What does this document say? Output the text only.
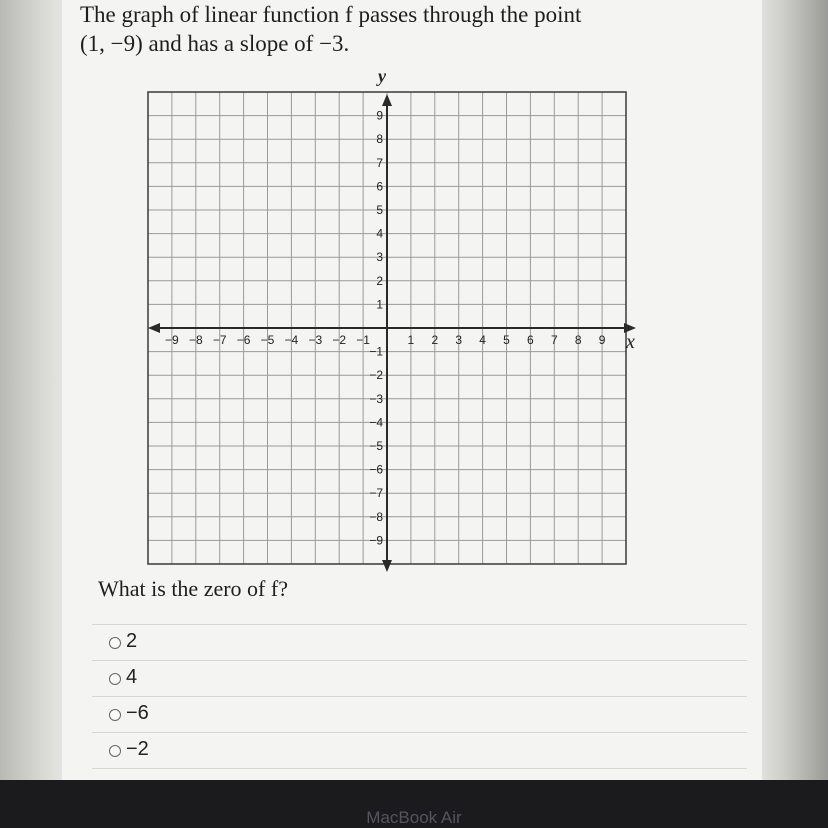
The graph of linear function f passes through the point
(1, −9) and has a slope of −3.
−9 −8 −7 −6 −5 −4 −3 −2 −1	1 2 3 4 5 6 7 8 9
9
8
7
6
5
4
3
2
1
−1
−2
−3
−4
−5
−6
−7
−8
−9
x
y
What is the zero of f?
2
4
−6
−2
MacBook Air
